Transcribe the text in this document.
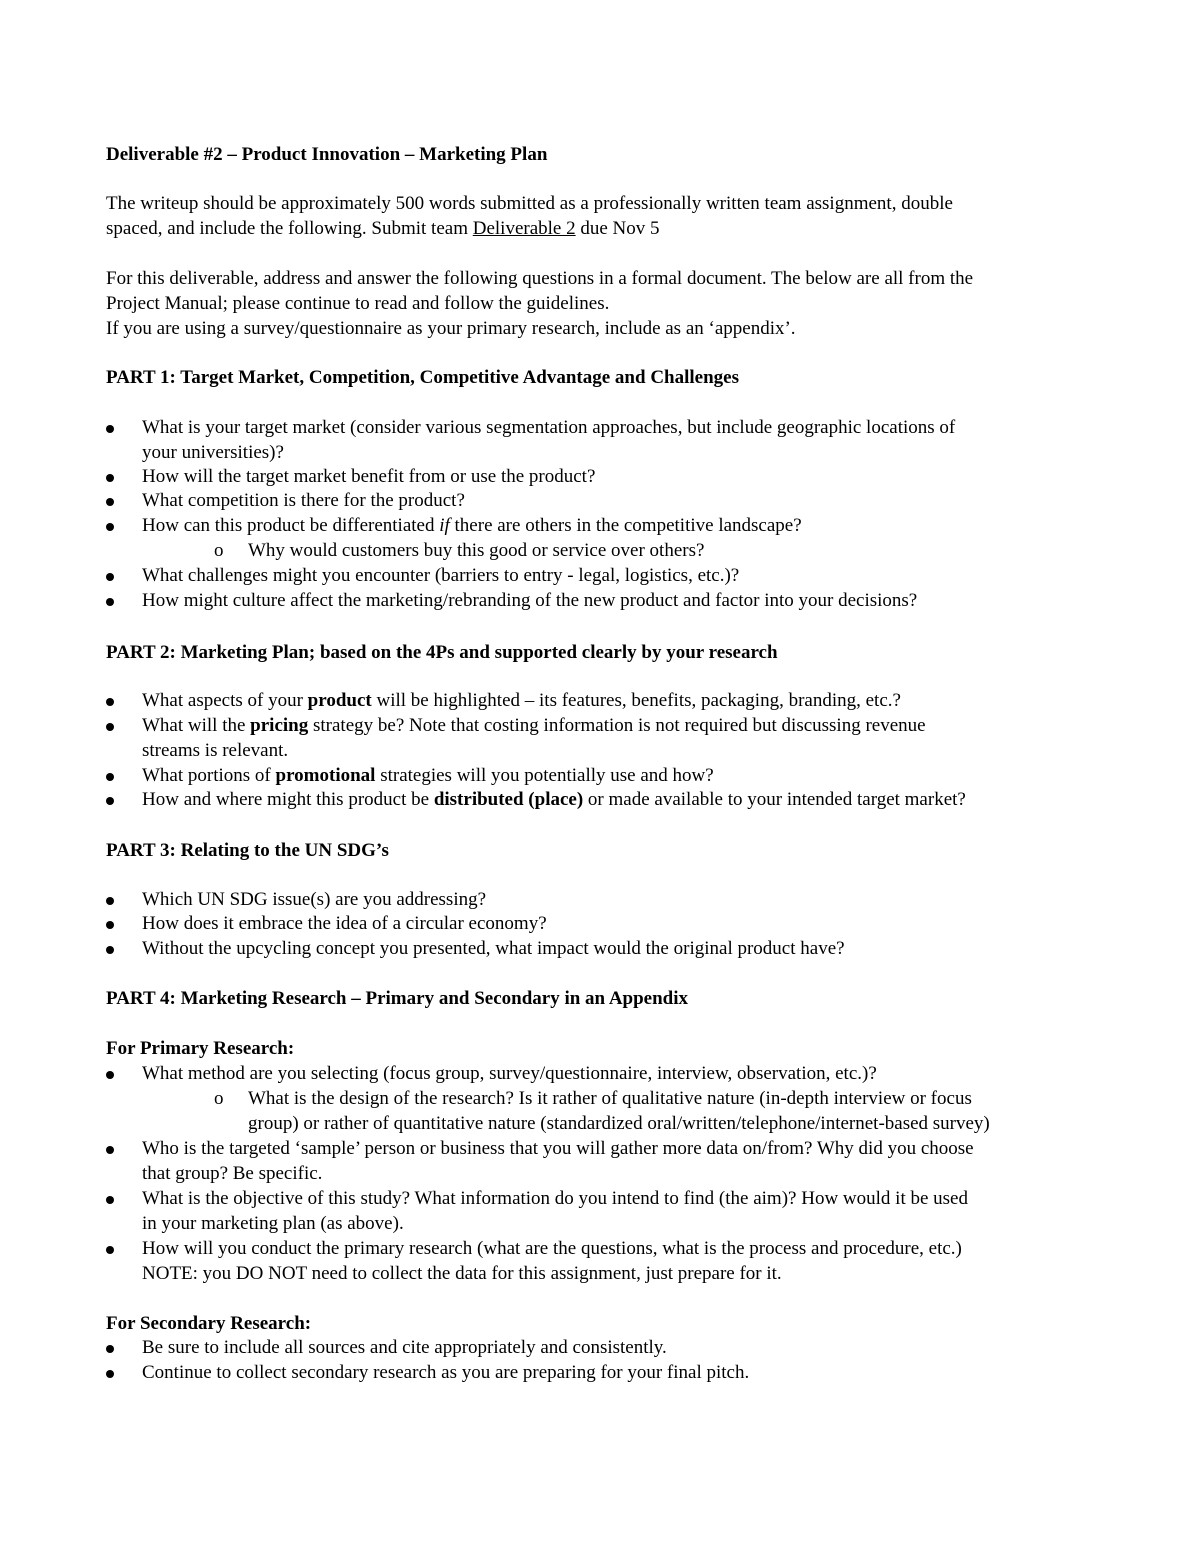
Deliverable #2 – Product Innovation – Marketing Plan
The writeup should be approximately 500 words submitted as a professionally written team assignment, double
spaced, and include the following. Submit team Deliverable 2 due Nov 5
For this deliverable, address and answer the following questions in a formal document. The below are all from the
Project Manual; please continue to read and follow the guidelines.
If you are using a survey/questionnaire as your primary research, include as an ‘appendix’.
PART 1: Target Market, Competition, Competitive Advantage and Challenges
What is your target market (consider various segmentation approaches, but include geographic locations of
your universities)?
How will the target market benefit from or use the product?
What competition is there for the product?
How can this product be differentiated if there are others in the competitive landscape?
o Why would customers buy this good or service over others?
What challenges might you encounter (barriers to entry - legal, logistics, etc.)?
How might culture affect the marketing/rebranding of the new product and factor into your decisions?
PART 2: Marketing Plan; based on the 4Ps and supported clearly by your research
What aspects of your product will be highlighted – its features, benefits, packaging, branding, etc.?
What will the pricing strategy be? Note that costing information is not required but discussing revenue
streams is relevant.
What portions of promotional strategies will you potentially use and how?
How and where might this product be distributed (place) or made available to your intended target market?
PART 3: Relating to the UN SDG’s
Which UN SDG issue(s) are you addressing?
How does it embrace the idea of a circular economy?
Without the upcycling concept you presented, what impact would the original product have?
PART 4: Marketing Research – Primary and Secondary in an Appendix
For Primary Research:
What method are you selecting (focus group, survey/questionnaire, interview, observation, etc.)?
o What is the design of the research? Is it rather of qualitative nature (in-depth interview or focus
group) or rather of quantitative nature (standardized oral/written/telephone/internet-based survey)
Who is the targeted ‘sample’ person or business that you will gather more data on/from? Why did you choose
that group? Be specific.
What is the objective of this study? What information do you intend to find (the aim)? How would it be used
in your marketing plan (as above).
How will you conduct the primary research (what are the questions, what is the process and procedure, etc.)
NOTE: you DO NOT need to collect the data for this assignment, just prepare for it.
For Secondary Research:
Be sure to include all sources and cite appropriately and consistently.
Continue to collect secondary research as you are preparing for your final pitch.
